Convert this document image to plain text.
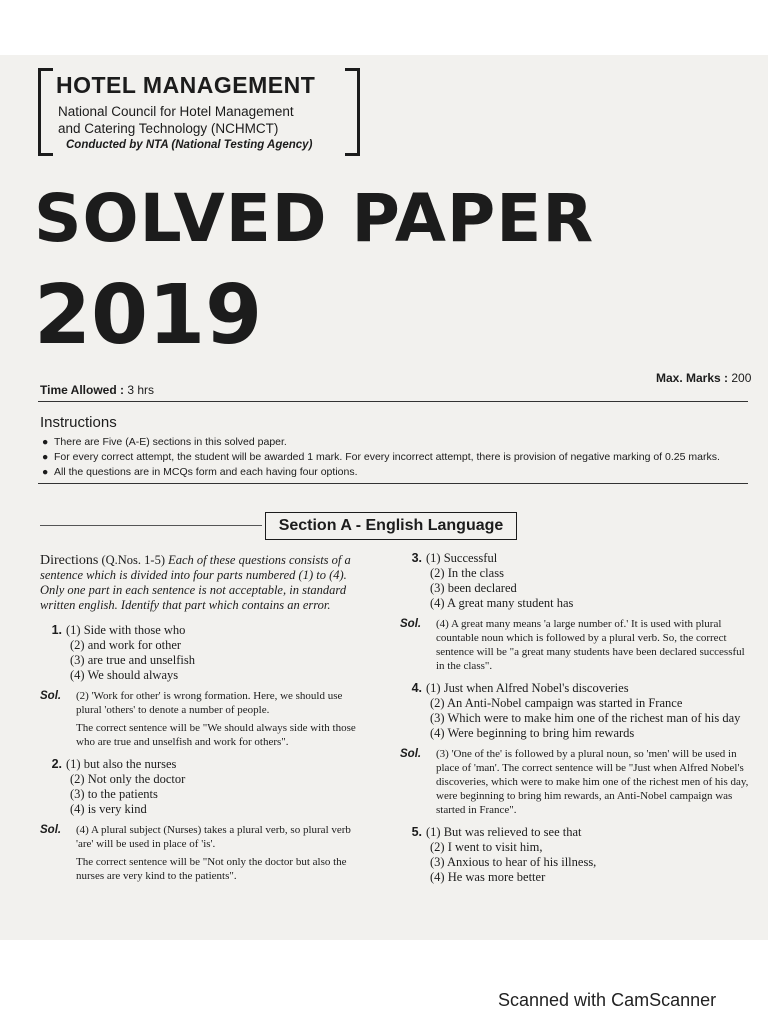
HOTEL MANAGEMENT
National Council for Hotel Management
and Catering Technology (NCHMCT)
Conducted by NTA (National Testing Agency)
SOLVED PAPER
2019
Time Allowed : 3 hrs
Max. Marks : 200
Instructions
● There are Five (A-E) sections in this solved paper.
● For every correct attempt, the student will be awarded 1 mark. For every incorrect attempt, there is provision of negative marking of 0.25 marks.
● All the questions are in MCQs form and each having four options.
Section A - English Language

Directions (Q.Nos. 1-5) Each of these questions consists of a sentence which is divided into four parts numbered (1) to (4). Only one part in each sentence is not acceptable, in standard written english. Identify that part which contains an error.

1. (1) Side with those who

(2) and work for other

(3) are true and unselfish

(4) We should always

Sol. (2) 'Work for other' is wrong formation. Here, we should use plural 'others' to denote a number of people.

The correct sentence will be "We should always side with those who are true and unselfish and work for others".

2. (1) but also the nurses

(2) Not only the doctor

(3) to the patients

(4) is very kind

Sol. (4) A plural subject (Nurses) takes a plural verb, so plural verb 'are' will be used in place of 'is'.

The correct sentence will be "Not only the doctor but also the nurses are very kind to the patients".

3. (1) Successful

(2) In the class

(3) been declared

(4) A great many student has

Sol. (4) A great many means 'a large number of.' It is used with plural countable noun which is followed by a plural verb. So, the correct sentence will be "a great many students have been declared successful in the class".

4. (1) Just when Alfred Nobel's discoveries

(2) An Anti-Nobel campaign was started in France

(3) Which were to make him one of the richest man of his day

(4) Were beginning to bring him rewards

Sol. (3) 'One of the' is followed by a plural noun, so 'men' will be used in place of 'man'. The correct sentence will be "Just when Alfred Nobel's discoveries, which were to make him one of the richest men of his day, were beginning to bring him rewards, an Anti-Nobel campaign was started in France".

5. (1) But was relieved to see that

(2) I went to visit him,

(3) Anxious to hear of his illness,

(4) He was more better

Scanned with CamScanner
